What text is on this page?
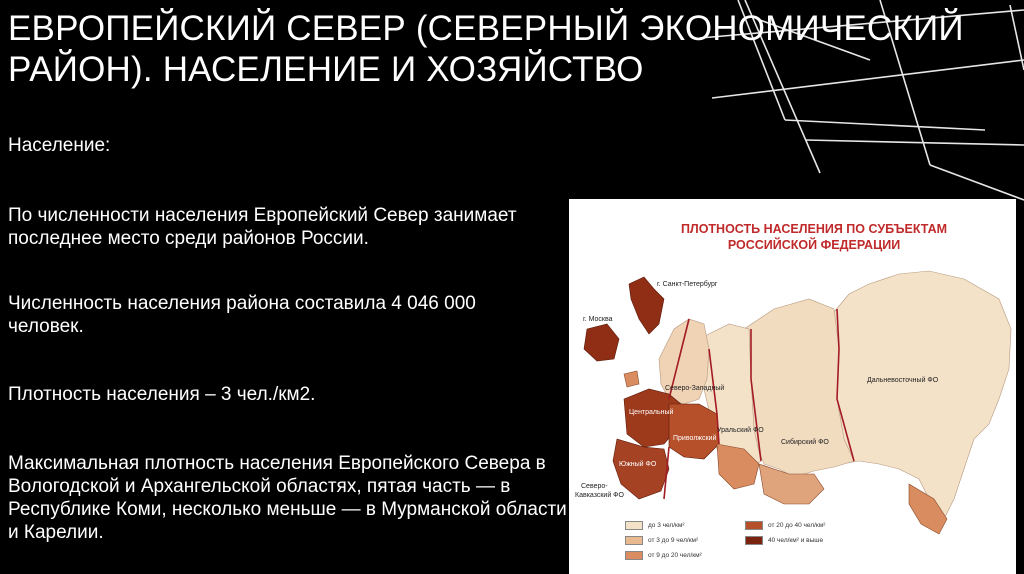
ЕВРОПЕЙСКИЙ СЕВЕР (СЕВЕРНЫЙ ЭКОНОМИЧЕСКИЙ РАЙОН). НАСЕЛЕНИЕ И ХОЗЯЙСТВО

Население:

По численности населения Европейский Север занимает последнее место среди районов России.

Численность населения района составила 4 046 000 человек.

Плотность населения – 3 чел./км2.

Максимальная плотность населения Европейского Севера в Вологодской и Архангельской областях, пятая часть — в Республике Коми, несколько меньше — в Мурманской области и Карелии.

ПЛОТНОСТЬ НАСЕЛЕНИЯ ПО СУБЪЕКТАМ
РОССИЙСКОЙ ФЕДЕРАЦИИ
г. Санкт-Петербург
г. Москва
Северо-Западный
Центральный
Приволжский
Южный ФО
Уральский ФО
Сибирский ФО
Дальневосточный ФО
Северо-
Кавказский ФО
до 3 чел/км²
от 3 до 9 чел/км²
от 9 до 20 чел/км²
от 20 до 40 чел/км²
40 чел/км² и выше
